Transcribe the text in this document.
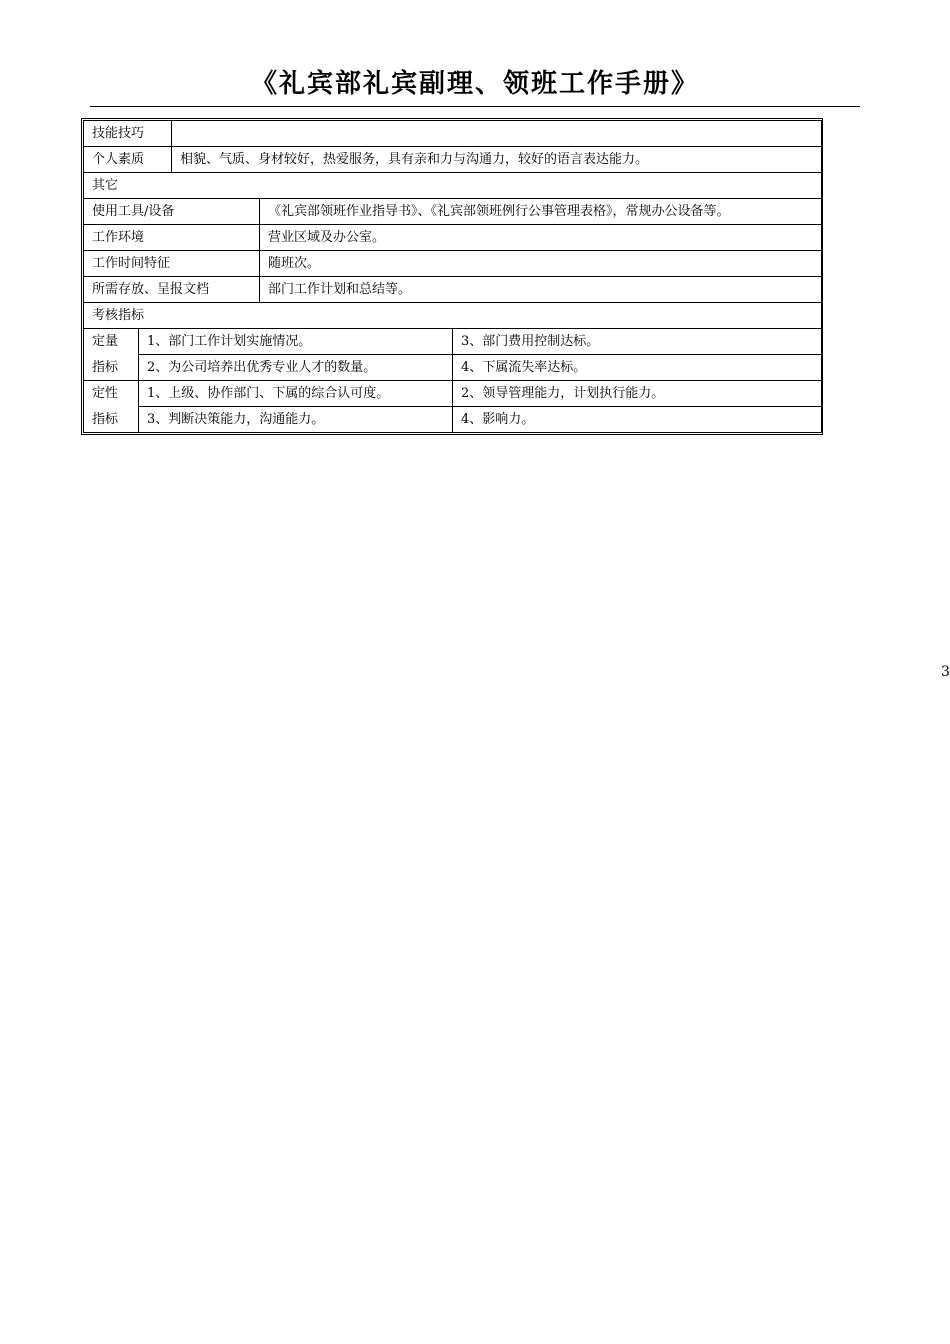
《礼宾部礼宾副理、领班工作手册》
技能技巧				
个人素质		相貌、气质、身材较好，热爱服务，具有亲和力与沟通力，较好的语言表达能力。		
其它				
使用工具/设备			《礼宾部领班作业指导书》、《礼宾部领班例行公事管理表格》，常规办公设备等。	
工作环境			营业区域及办公室。	
工作时间特征			随班次。	
所需存放、呈报文档			部门工作计划和总结等。	
考核指标				
定量	1、部门工作计划实施情况。			3、部门费用控制达标。
指标	2、为公司培养出优秀专业人才的数量。			4、下属流失率达标。
定性	1、上级、协作部门、下属的综合认可度。			2、领导管理能力，计划执行能力。
指标	3、判断决策能力，沟通能力。			4、影响力。
3
